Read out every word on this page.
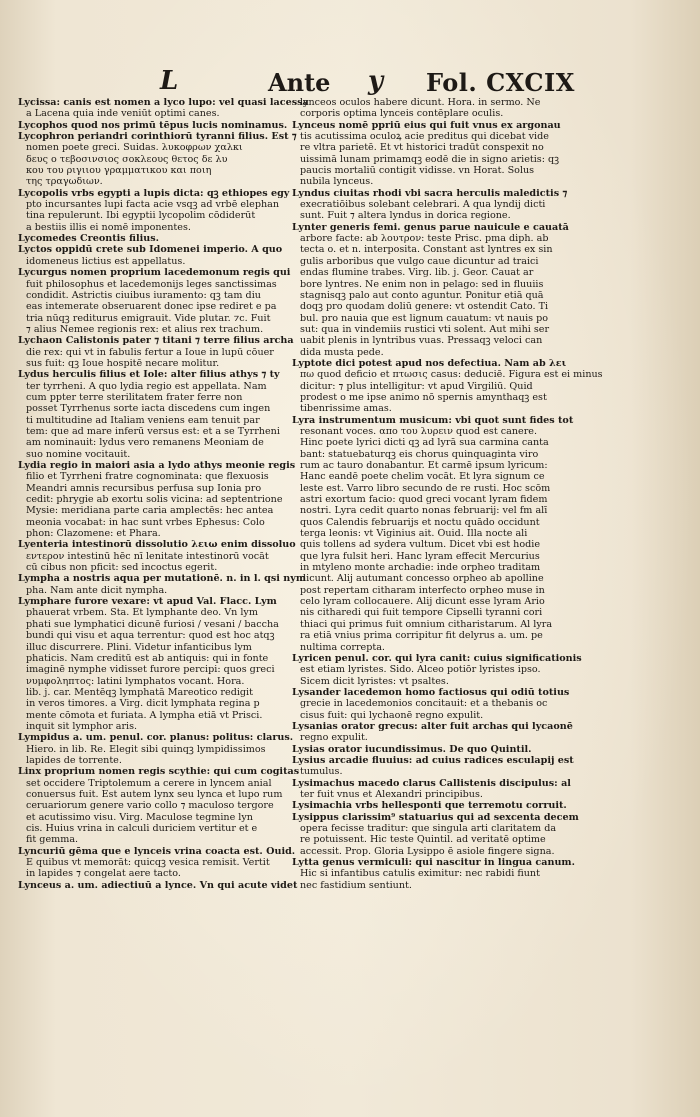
L	Ante y Fol. CXCIX
Lycissa: canis est nomen a lyco lupo: vel quasi lacessa
a Lacena quia inde veniūt optimi canes.
Lycophos quod nos primū tēpus lucis nominamus.
Lycophron periandri corinthiorū tyranni filius. Est ⁊
nomen poete greci. Suidas. λυκοφρων χαλκι
δευς ο τεβοσινσιος σοκλεους θετος δε λυ
κου του ριγιιου γραμματικου και ποιη
της τραγωδιων.
Lycopolis vrbs egypti a lupis dicta: qꝫ ethiopes egy
pto incursantes lupi facta acie vsqꝫ ad vrbē elephan
tina repulerunt. Ibi egyptii lycopolim cōdiderūt
a bestiis illis ei nomē imponentes.
Lycomedes Creontis filius.
Lyctos oppidū crete sub Idomenei imperio. A quo
idomeneus lictius est appellatus.
Lycurgus nomen proprium lacedemonum regis qui
fuit philosophus et lacedemonijs leges sanctissimas
condidit. Astrictis ciuibus iuramento: qꝫ tam diu
eas intemerate obseruarent donec ipse rediret e pa
tria nūqꝫ rediturus emigrauit. Vide plutar. ⁊c. Fuit
⁊ alius Nemee regionis rex: et alius rex trachum.
Lychaon Calistonis pater ⁊ titani ⁊ terre filius archa
die rex: qui vt in fabulis fertur a Ioue in lupū cōuer
sus fuit: qꝫ Ioue hospitē necare molitur.
Lydus herculis filius et Iole: alter filius athys ⁊ ty
ter tyrrheni. A quo lydia regio est appellata. Nam
cum ppter terre sterilitatem frater ferre non
posset Tyrrhenus sorte iacta discedens cum ingen
ti multitudine ad Italiam veniens eam tenuit par
tem: que ad mare inferū versus est: et a se Tyrrheni
am nominauit: lydus vero remanens Meoniam de
suo nomine vocitauit.
Lydia regio in maiori asia a lydo athys meonie regis
filio et Tyrrheni fratre cognominata: que flexuosis
Meandri amnis recursibus perfusa sup Ionia pro
cedit: phrygie ab exortu solis vicina: ad septentrione
Mysie: meridiana parte caria amplectēs: hec antea
meonia vocabat: in hac sunt vrbes Ephesus: Colo
phon: Clazomene: et Phara.
Lyenteria intestinorū dissolutio λειω enim dissoluo
εντερον intestinū hēc nī lenitate intestinorū vocāt
cū cibus non pficit: sed incoctus egerit.
Lympha a nostris aqua per mutationē. n. in l. qsi nym
pha. Nam ante dicit nympha.
Lymphare furore vexare: vt apud Val. Flacc. Lym
phauerat vrbem. Sta. Et lymphante deo. Vn lym
phati sue lymphatici dicunē furiosi / vesani / baccha
bundi qui visu et aqua terrentur: quod est hoc atqꝫ
illuc discurrere. Plini. Videtur infanticibus lym
phaticis. Nam creditū est ab antiquis: qui in fonte
imaginē nymphe vidisset furore percipi: quos greci
νυμφοληπτος: latini lymphatos vocant. Hora.
lib. j. car. Mentēqꝫ lymphatā Mareotico redigit
in veros timores. a Virg. dicit lymphata regina p
mente cōmota et furiata. A lympha etiā vt Prisci.
inquit sit lymphor aris.
Lympidus a. um. penul. cor. planus: politus: clarus.
Hiero. in lib. Re. Elegit sibi quinqꝫ lympidissimos
lapides de torrente.
Linx proprium nomen regis scythie: qui cum cogitas
set occidere Triptolemum a cerere in lyncem anial
conuersus fuit. Est autem lynx seu lynca et lupo rum
ceruariorum genere vario collo ⁊ maculoso tergore
et acutissimo visu. Virg. Maculose tegmine lyn
cis. Huius vrina in calculi duriciem vertitur et e
fit gemma.
Lyncuriū gēma que e lynceis vrina coacta est. Ouid.
E quibus vt memorāt: quicqꝫ vesica remisit. Vertit
in lapides ⁊ congelat aere tacto.
Lynceus a. um. adiectiuū a lynce. Vn qui acute videt
lynceos oculos habere dicunt. Hora. in sermo. Ne
corporis optima lynceis contēplare oculis.
Lynceus nomē ppriū eius qui fuit vnus ex argonau
tis acutissima oculoꝝ acie preditus qui dicebat vide
re vltra parietē. Et vt historici tradūt conspexit no
uissimā lunam primamqꝫ eodē die in signo arietis: qꝫ
paucis mortaliū contigit vidisse. vn Horat. Solus
nubila lynceus.
Lyndus ciuitas rhodi vbi sacra herculis maledictis ⁊
execratiōibus solebant celebrari. A qua lyndij dicti
sunt. Fuit ⁊ altera lyndus in dorica regione.
Lynter generis femi. genus parue nauicule e cauatā
arbore facte: ab λουτρον: teste Prisc. pma diph. ab
tecta o. et n. interposita. Constant ast lyntres ex sin
gulis arboribus que vulgo caue dicuntur ad traici
endas flumine trabes. Virg. lib. j. Geor. Cauat ar
bore lyntres. Ne enim non in pelago: sed in fluuiis
stagnisqꝫ palo aut conto aguntur. Ponitur etiā quā
doqꝫ pro quodam doliū genere: vt ostendit Cato. Ti
bul. pro nauia que est lignum cauatum: vt nauis po
sut: qua in vindemiis rustici vti solent. Aut mihi ser
uabit plenis in lyntribus vuas. Pressaqꝫ veloci can
dida musta pede.
Lyptote dici potest apud nos defectiua. Nam ab λει
πω quod deficio et πτωσις casus: deduciē. Figura est ei minus
dicitur: ⁊ plus intelligitur: vt apud Virgiliū. Quid
prodest o me ipse animo nō spernis amynthaqꝫ est
tibenrissime amas.
Lyra instrumentum musicum: vbi quot sunt fides tot
resonant voces. απο του λυρειν quod est canere.
Hinc poete lyrici dicti qꝫ ad lyrā sua carmina canta
bant: statuebaturqꝫ eis chorus quinquaginta viro
rum ac tauro donabantur. Et carmē ipsum lyricum:
Hanc eandē poete chelim vocāt. Et lyra signum ce
leste est. Varro libro secundo de re rusti. Hoc scōm
astri exortum facio: quod greci vocant lyram fidem
nostri. Lyra cedit quarto nonas februarij: vel fm alī
quos Calendis februarijs et noctu quādo occidunt
terga leonis: vt Viginius ait. Ouid. Illa nocte ali
quis tollens ad sydera vultum. Dicet vbi est hodie
que lyra fulsit heri. Hanc lyram effecit Mercurius
in mtyleno monte archadie: inde orpheo traditam
dicunt. Alij autumant concesso orpheo ab apolline
post repertam citharam interfecto orpheo muse in
celo lyram collocauere. Alij dicunt esse lyram Ario
nis citharedi qui fuit tempore Cipselli tyranni cori
thiaci qui primus fuit omnium citharistarum. Al lyra
ra etiā vnius prima corripitur fit delyrus a. um. pe
nultima correpta.
Lyricen penul. cor. qui lyra canit: cuius significationis
est etiam lyristes. Sido. Alceo potiōr lyristes ipso.
Sicem dicit lyristes: vt psaltes.
Lysander lacedemon homo factiosus qui odiū totius
grecie in lacedemonios concitauit: et a thebanis oc
cisus fuit: qui lychaonē regno expulit.
Lysanias orator grecus: alter fuit archas qui lycaonē
regno expulit.
Lysias orator iucundissimus. De quo Quintil.
Lysius arcadie fluuius: ad cuius radices esculapij est
tumulus.
Lysimachus macedo clarus Callistenis discipulus: al
ter fuit vnus et Alexandri principibus.
Lysimachia vrbs hellesponti que terremotu corruit.
Lysippus clarissim⁹ statuarius qui ad sexcenta decem
opera fecisse traditur: que singula arti claritatem da
re potuissent. Hic teste Quintil. ad veritatē optime
accessit. Prop. Gloria Lysippo ē asiole fingere signa.
Lytta genus vermiculi: qui nascitur in lingua canum.
Hic si infantibus catulis eximitur: nec rabidi fiunt
nec fastidium sentiunt.
